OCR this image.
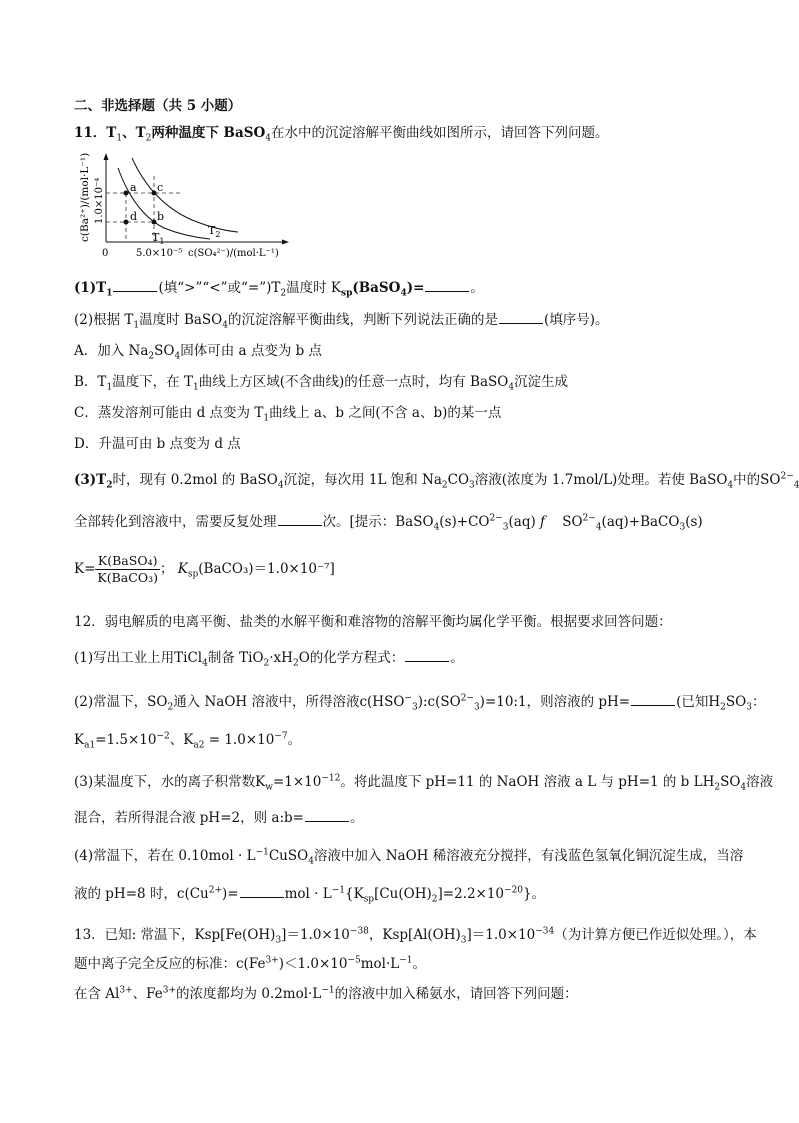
二、非选择题（共 5 小题）
11．$T_1$、$T_2$两种温度下 BaSO$_4$在水中的沉淀溶解平衡曲线如图所示，请回答下列问题。
a c
d b
$T_2$
$T_1$
c(Ba²⁺)/(mol·L⁻¹) 1.0×10⁻⁴
0	5.0×10⁻⁵ c(SO₄²⁻)/(mol·L⁻¹)
$(1)T_1$	(填“>”“<”或“$=”)T_2$温度时 $K_{sp}(BaSO_4)=$	。
(2)根据 $T_1$温度时 BaSO$_4$的沉淀溶解平衡曲线，判断下列说法正确的是	(填序号)。
A．加入 $Na_2SO_4$固体可由 a 点变为 b 点
B．$T_1$温度下，在 $T_1$曲线上方区域(不含曲线)的任意一点时，均有 BaSO$_4$沉淀生成
C．蒸发溶剂可能由 d 点变为 $T_1$曲线上 a、b 之间(不含 a、b)的某一点
D．升温可由 b 点变为 d 点
$(3)T_2$时，现有 0.2mol 的 BaSO$_4$沉淀，每次用 1L 饱和 $Na_2CO_3$溶液(浓度为 1.7mol/L)处理。若使 BaSO$_4$中的$SO^{2-}_4$
全部转化到溶液中，需要反复处理	次。[提示：$BaSO_4(s)+CO^{2-}_3(aq)$ f $SO^{2-}_4(aq)+BaCO_3(s)$
$K= \frac{\text{K(BaSO₄)}}{\text{K(BaCO₃)}}$ ； $K_{sp}(BaCO_3)=1.0\times 10^{-7}$]
12．弱电解质的电离平衡、盐类的水解平衡和难溶物的溶解平衡均属化学平衡。根据要求回答问题：
(1)写出工业上用TiCl$_4$制备 $TiO_2\cdot xH_2O$的化学方程式：	。
(2)常温下，$SO_2$通入 NaOH 溶液中，所得溶液$c(HSO^-_3):c(SO^{2-}_3)=10:1$，则溶液的 pH=	(已知$H_2SO_3$：
$K_{a1}=1.5\times 10^{-2}$、$K_{a2} = 1.0\times 10^{-7}$。
(3)某温度下，水的离子积常数$K_w=1\times 10^{-12}$。将此温度下 pH=11 的 NaOH 溶液 a L 与 pH=1 的 b $LH_2SO_4$溶液
混合，若所得混合液 pH=2，则 a:b=	。
(4)常温下，若在 $0.10mol \cdot L^{-1}CuSO_4$溶液中加入 NaOH 稀溶液充分搅拌，有浅蓝色氢氧化铜沉淀生成，当溶
液的 pH=8 时，$c(Cu^{2+})=$	mol · $L^{-1}\{K_{sp}[Cu(OH)_2]=2.2\times 10^{-20}\}$。
13．已知: 常温下，$Ksp[Fe(OH)_3]=1.0\times 10^{-38}$，$Ksp[Al(OH)_3]=1.0\times 10^{-34}$（为计算方便已作近似处理。），本
题中离子完全反应的标准：$c(Fe^{3+})<1.0\times 10^{-5}mol\cdot L^{-1}$。
在含 $Al^{3+}$、$Fe^{3+}$的浓度都均为 $0.2mol\cdot L^{-1}$的溶液中加入稀氨水，请回答下列问题：
